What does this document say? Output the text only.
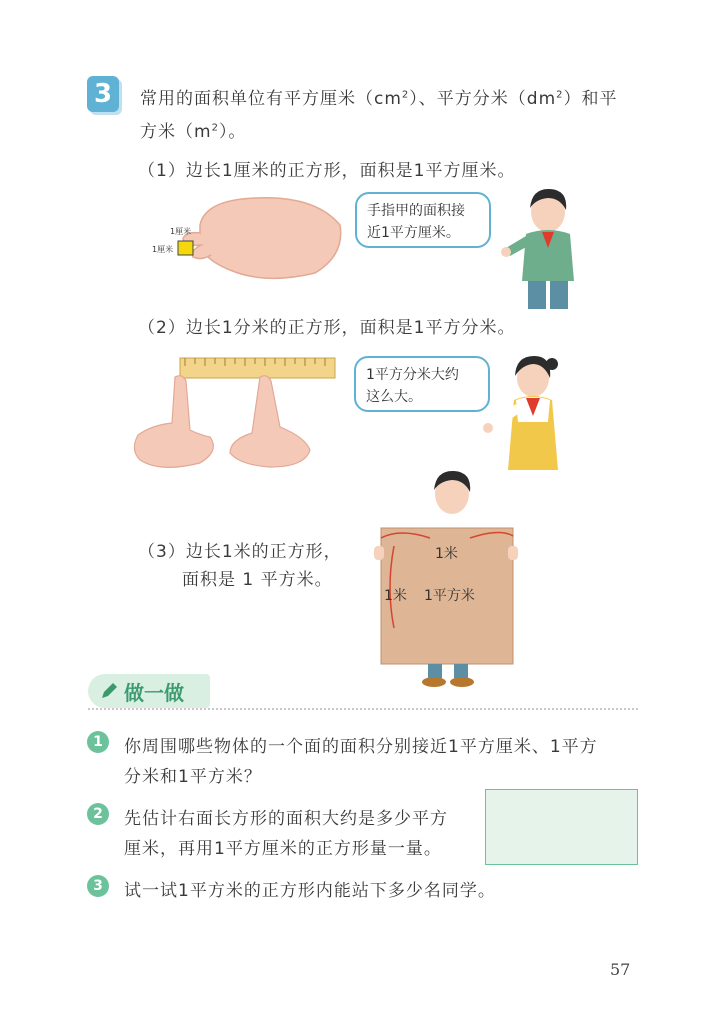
3	常用的面积单位有平方厘米$(cm^2)$、平方分米$(dm^2)$和平
方米$(m^2)$。
（1）边长1厘米的正方形，面积是1平方厘米。
1厘米
1厘米
手指甲的面积接
近1平方厘米。
（2）边长1分米的正方形，面积是1平方分米。
1平方分米大约
这么大。
（3）边长1米的正方形，
面积是 1 平方米。
1米
1米 1平方米
做一做
1	你周围哪些物体的一个面的面积分别接近1平方厘米、1平方
分米和1平方米？
2	先估计右面长方形的面积大约是多少平方
厘米，再用1平方厘米的正方形量一量。
3	试一试1平方米的正方形内能站下多少名同学。
57
